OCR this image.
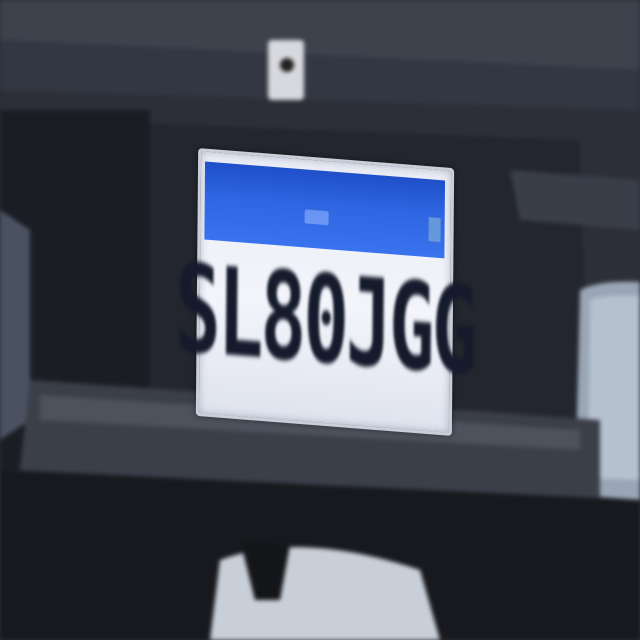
SL80JGG
